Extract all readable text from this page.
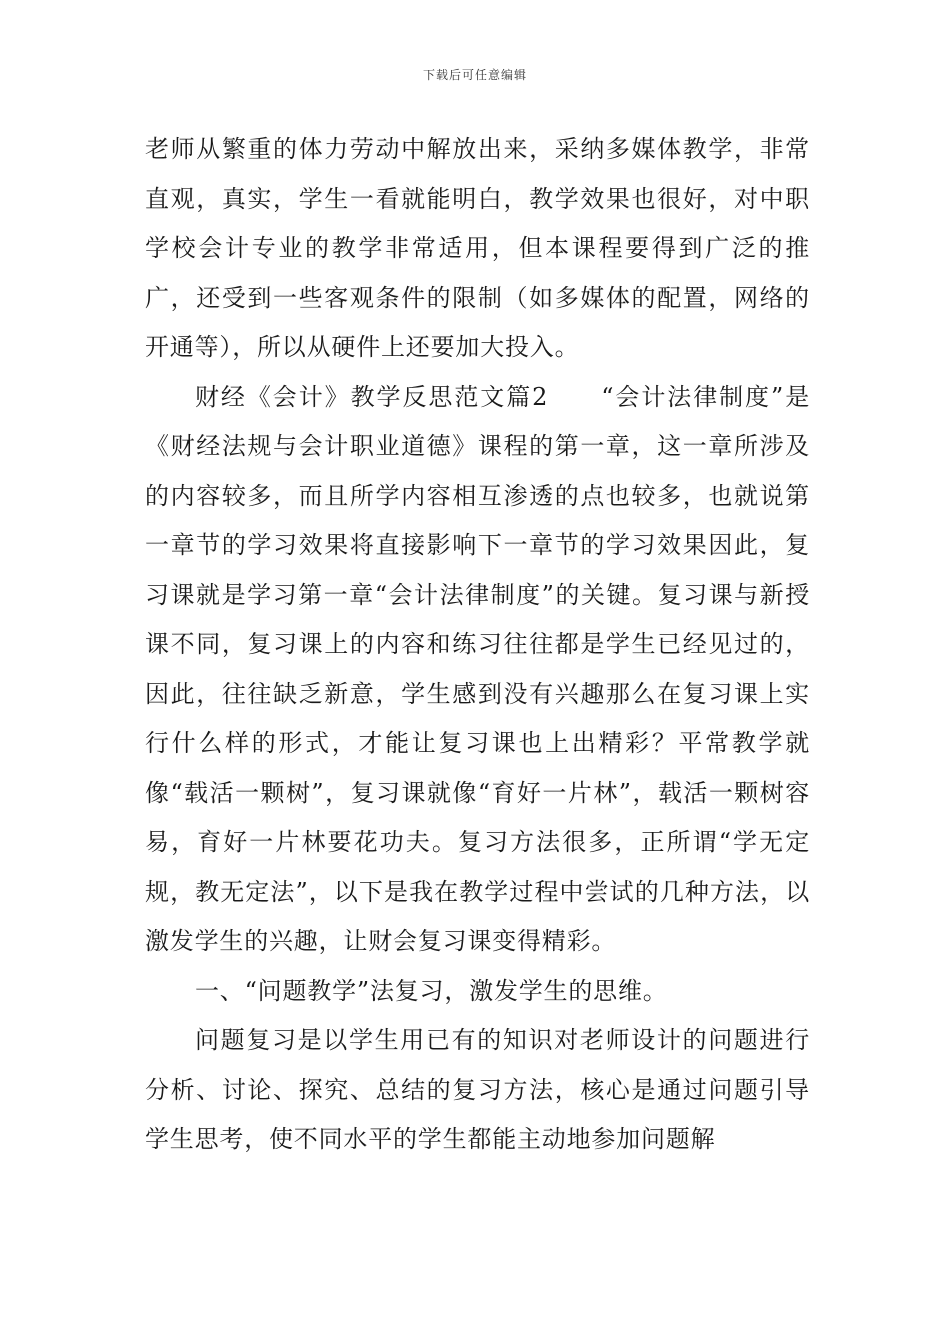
下载后可任意编辑

老师从繁重的体力劳动中解放出来，采纳多媒体教学，非常直观，真实，学生一看就能明白，教学效果也很好，对中职学校会计专业的教学非常适用，但本课程要得到广泛的推广，还受到一些客观条件的限制（如多媒体的配置，网络的开通等），所以从硬件上还要加大投入。

财经《会计》教学反思范文篇2　　“会计法律制度”是《财经法规与会计职业道德》课程的第一章，这一章所涉及的内容较多，而且所学内容相互渗透的点也较多，也就说第一章节的学习效果将直接影响下一章节的学习效果因此，复习课就是学习第一章“会计法律制度”的关键。复习课与新授课不同，复习课上的内容和练习往往都是学生已经见过的，因此，往往缺乏新意，学生感到没有兴趣那么在复习课上实行什么样的形式，才能让复习课也上出精彩？平常教学就像“载活一颗树”，复习课就像“育好一片林”，载活一颗树容易，育好一片林要花功夫。复习方法很多，正所谓“学无定规，教无定法”，以下是我在教学过程中尝试的几种方法，以激发学生的兴趣，让财会复习课变得精彩。

一、“问题教学”法复习，激发学生的思维。

问题复习是以学生用已有的知识对老师设计的问题进行分析、讨论、探究、总结的复习方法，核心是通过问题引导学生思考，使不同水平的学生都能主动地参加问题解
